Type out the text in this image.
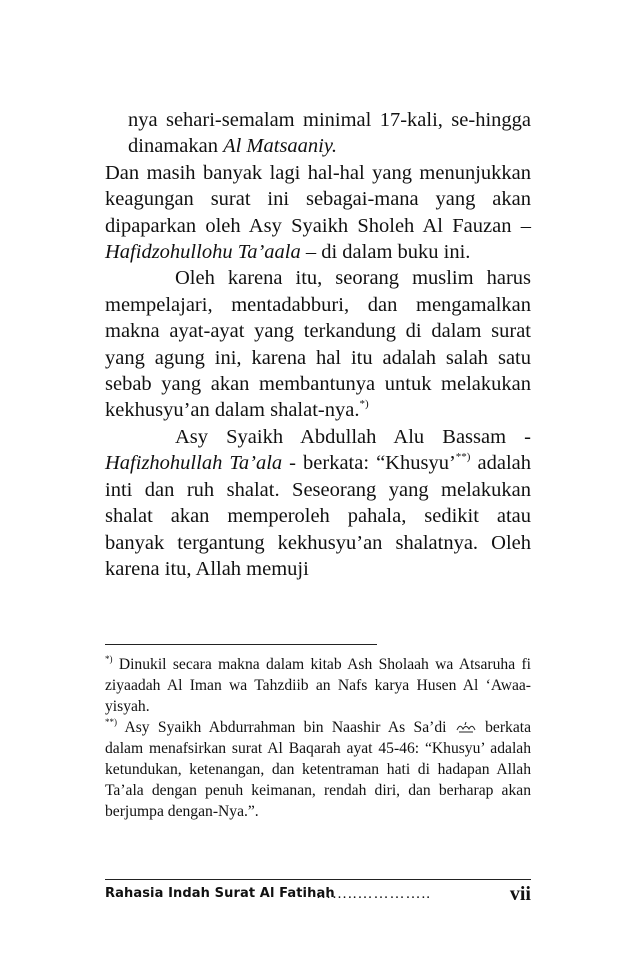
nya sehari-semalam minimal 17-kali, se-hingga dinamakan Al Matsaaniy.

Dan masih banyak lagi hal-hal yang menunjukkan keagungan surat ini sebagai-mana yang akan dipaparkan oleh Asy Syaikh Sholeh Al Fauzan – Hafidzohullohu Ta’aala – di dalam buku ini.

Oleh karena itu, seorang muslim harus mempelajari, mentadabburi, dan mengamalkan makna ayat-ayat yang terkandung di dalam surat yang agung ini, karena hal itu adalah salah satu sebab yang akan membantunya untuk melakukan kekhusyu’an dalam shalat-nya.*)

Asy Syaikh Abdullah Alu Bassam - Hafizhohullah Ta’ala - berkata: “Khusyu’**) adalah inti dan ruh shalat. Seseorang yang melakukan shalat akan memperoleh pahala, sedikit atau banyak tergantung kekhusyu’an shalatnya. Oleh karena itu, Allah memuji

*) Dinukil secara makna dalam kitab Ash Sholaah wa Atsaruha fi ziyaadah Al Iman wa Tahzdiib an Nafs karya Husen Al ‘Awaa-yisyah.

**) Asy Syaikh Abdurrahman bin Naashir As Sa’di  berkata dalam menafsirkan surat Al Baqarah ayat 45-46: “Khusyu’ adalah ketundukan, ketenangan, dan ketentraman hati di hadapan Allah Ta’ala dengan penuh keimanan, rendah diri, dan berharap akan berjumpa dengan-Nya.”.

Rahasia Indah Surat Al Fatihah
……..…………..	vii
